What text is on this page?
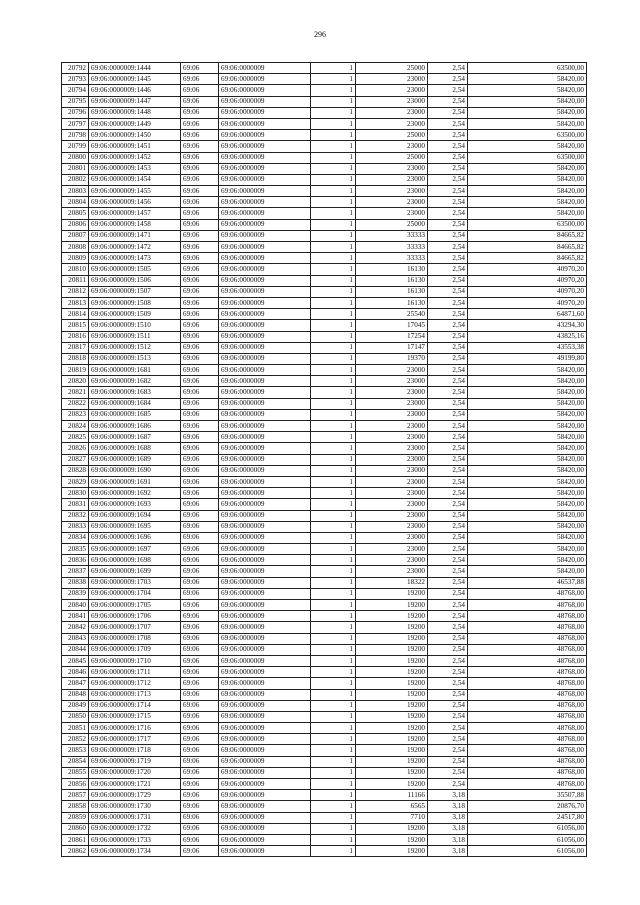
296
20792	69:06:0000009:1444	69:06	69:06:0000009	1	25000	2,54	63500,00
20793	69:06:0000009:1445	69:06	69:06:0000009	1	23000	2,54	58420,00
20794	69:06:0000009:1446	69:06	69:06:0000009	1	23000	2,54	58420,00
20795	69:06:0000009:1447	69:06	69:06:0000009	1	23000	2,54	58420,00
20796	69:06:0000009:1448	69:06	69:06:0000009	1	23000	2,54	58420,00
20797	69:06:0000009:1449	69:06	69:06:0000009	1	23000	2,54	58420,00
20798	69:06:0000009:1450	69:06	69:06:0000009	1	25000	2,54	63500,00
20799	69:06:0000009:1451	69:06	69:06:0000009	1	23000	2,54	58420,00
20800	69:06:0000009:1452	69:06	69:06:0000009	1	25000	2,54	63500,00
20801	69:06:0000009:1453	69:06	69:06:0000009	1	23000	2,54	58420,00
20802	69:06:0000009:1454	69:06	69:06:0000009	1	23000	2,54	58420,00
20803	69:06:0000009:1455	69:06	69:06:0000009	1	23000	2,54	58420,00
20804	69:06:0000009:1456	69:06	69:06:0000009	1	23000	2,54	58420,00
20805	69:06:0000009:1457	69:06	69:06:0000009	1	23000	2,54	58420,00
20806	69:06:0000009:1458	69:06	69:06:0000009	1	25000	2,54	63500,00
20807	69:06:0000009:1471	69:06	69:06:0000009	1	33333	2,54	84665,82
20808	69:06:0000009:1472	69:06	69:06:0000009	1	33333	2,54	84665,82
20809	69:06:0000009:1473	69:06	69:06:0000009	1	33333	2,54	84665,82
20810	69:06:0000009:1505	69:06	69:06:0000009	1	16130	2,54	40970,20
20811	69:06:0000009:1506	69:06	69:06:0000009	1	16130	2,54	40970,20
20812	69:06:0000009:1507	69:06	69:06:0000009	1	16130	2,54	40970,20
20813	69:06:0000009:1508	69:06	69:06:0000009	1	16130	2,54	40970,20
20814	69:06:0000009:1509	69:06	69:06:0000009	1	25540	2,54	64871,60
20815	69:06:0000009:1510	69:06	69:06:0000009	1	17045	2,54	43294,30
20816	69:06:0000009:1511	69:06	69:06:0000009	1	17254	2,54	43825,16
20817	69:06:0000009:1512	69:06	69:06:0000009	1	17147	2,54	43553,38
20818	69:06:0000009:1513	69:06	69:06:0000009	1	19370	2,54	49199,80
20819	69:06:0000009:1681	69:06	69:06:0000009	1	23000	2,54	58420,00
20820	69:06:0000009:1682	69:06	69:06:0000009	1	23000	2,54	58420,00
20821	69:06:0000009:1683	69:06	69:06:0000009	1	23000	2,54	58420,00
20822	69:06:0000009:1684	69:06	69:06:0000009	1	23000	2,54	58420,00
20823	69:06:0000009:1685	69:06	69:06:0000009	1	23000	2,54	58420,00
20824	69:06:0000009:1686	69:06	69:06:0000009	1	23000	2,54	58420,00
20825	69:06:0000009:1687	69:06	69:06:0000009	1	23000	2,54	58420,00
20826	69:06:0000009:1688	69:06	69:06:0000009	1	23000	2,54	58420,00
20827	69:06:0000009:1689	69:06	69:06:0000009	1	23000	2,54	58420,00
20828	69:06:0000009:1690	69:06	69:06:0000009	1	23000	2,54	58420,00
20829	69:06:0000009:1691	69:06	69:06:0000009	1	23000	2,54	58420,00
20830	69:06:0000009:1692	69:06	69:06:0000009	1	23000	2,54	58420,00
20831	69:06:0000009:1693	69:06	69:06:0000009	1	23000	2,54	58420,00
20832	69:06:0000009:1694	69:06	69:06:0000009	1	23000	2,54	58420,00
20833	69:06:0000009:1695	69:06	69:06:0000009	1	23000	2,54	58420,00
20834	69:06:0000009:1696	69:06	69:06:0000009	1	23000	2,54	58420,00
20835	69:06:0000009:1697	69:06	69:06:0000009	1	23000	2,54	58420,00
20836	69:06:0000009:1698	69:06	69:06:0000009	1	23000	2,54	58420,00
20837	69:06:0000009:1699	69:06	69:06:0000009	1	23000	2,54	58420,00
20838	69:06:0000009:1703	69:06	69:06:0000009	1	18322	2,54	46537,88
20839	69:06:0000009:1704	69:06	69:06:0000009	1	19200	2,54	48768,00
20840	69:06:0000009:1705	69:06	69:06:0000009	1	19200	2,54	48768,00
20841	69:06:0000009:1706	69:06	69:06:0000009	1	19200	2,54	48768,00
20842	69:06:0000009:1707	69:06	69:06:0000009	1	19200	2,54	48768,00
20843	69:06:0000009:1708	69:06	69:06:0000009	1	19200	2,54	48768,00
20844	69:06:0000009:1709	69:06	69:06:0000009	1	19200	2,54	48768,00
20845	69:06:0000009:1710	69:06	69:06:0000009	1	19200	2,54	48768,00
20846	69:06:0000009:1711	69:06	69:06:0000009	1	19200	2,54	48768,00
20847	69:06:0000009:1712	69:06	69:06:0000009	1	19200	2,54	48768,00
20848	69:06:0000009:1713	69:06	69:06:0000009	1	19200	2,54	48768,00
20849	69:06:0000009:1714	69:06	69:06:0000009	1	19200	2,54	48768,00
20850	69:06:0000009:1715	69:06	69:06:0000009	1	19200	2,54	48768,00
20851	69:06:0000009:1716	69:06	69:06:0000009	1	19200	2,54	48768,00
20852	69:06:0000009:1717	69:06	69:06:0000009	1	19200	2,54	48768,00
20853	69:06:0000009:1718	69:06	69:06:0000009	1	19200	2,54	48768,00
20854	69:06:0000009:1719	69:06	69:06:0000009	1	19200	2,54	48768,00
20855	69:06:0000009:1720	69:06	69:06:0000009	1	19200	2,54	48768,00
20856	69:06:0000009:1721	69:06	69:06:0000009	1	19200	2,54	48768,00
20857	69:06:0000009:1729	69:06	69:06:0000009	1	11166	3,18	35507,88
20858	69:06:0000009:1730	69:06	69:06:0000009	1	6565	3,18	20876,70
20859	69:06:0000009:1731	69:06	69:06:0000009	1	7710	3,18	24517,80
20860	69:06:0000009:1732	69:06	69:06:0000009	1	19200	3,18	61056,00
20861	69:06:0000009:1733	69:06	69:06:0000009	1	19200	3,18	61056,00
20862	69:06:0000009:1734	69:06	69:06:0000009	1	19200	3,18	61056,00
